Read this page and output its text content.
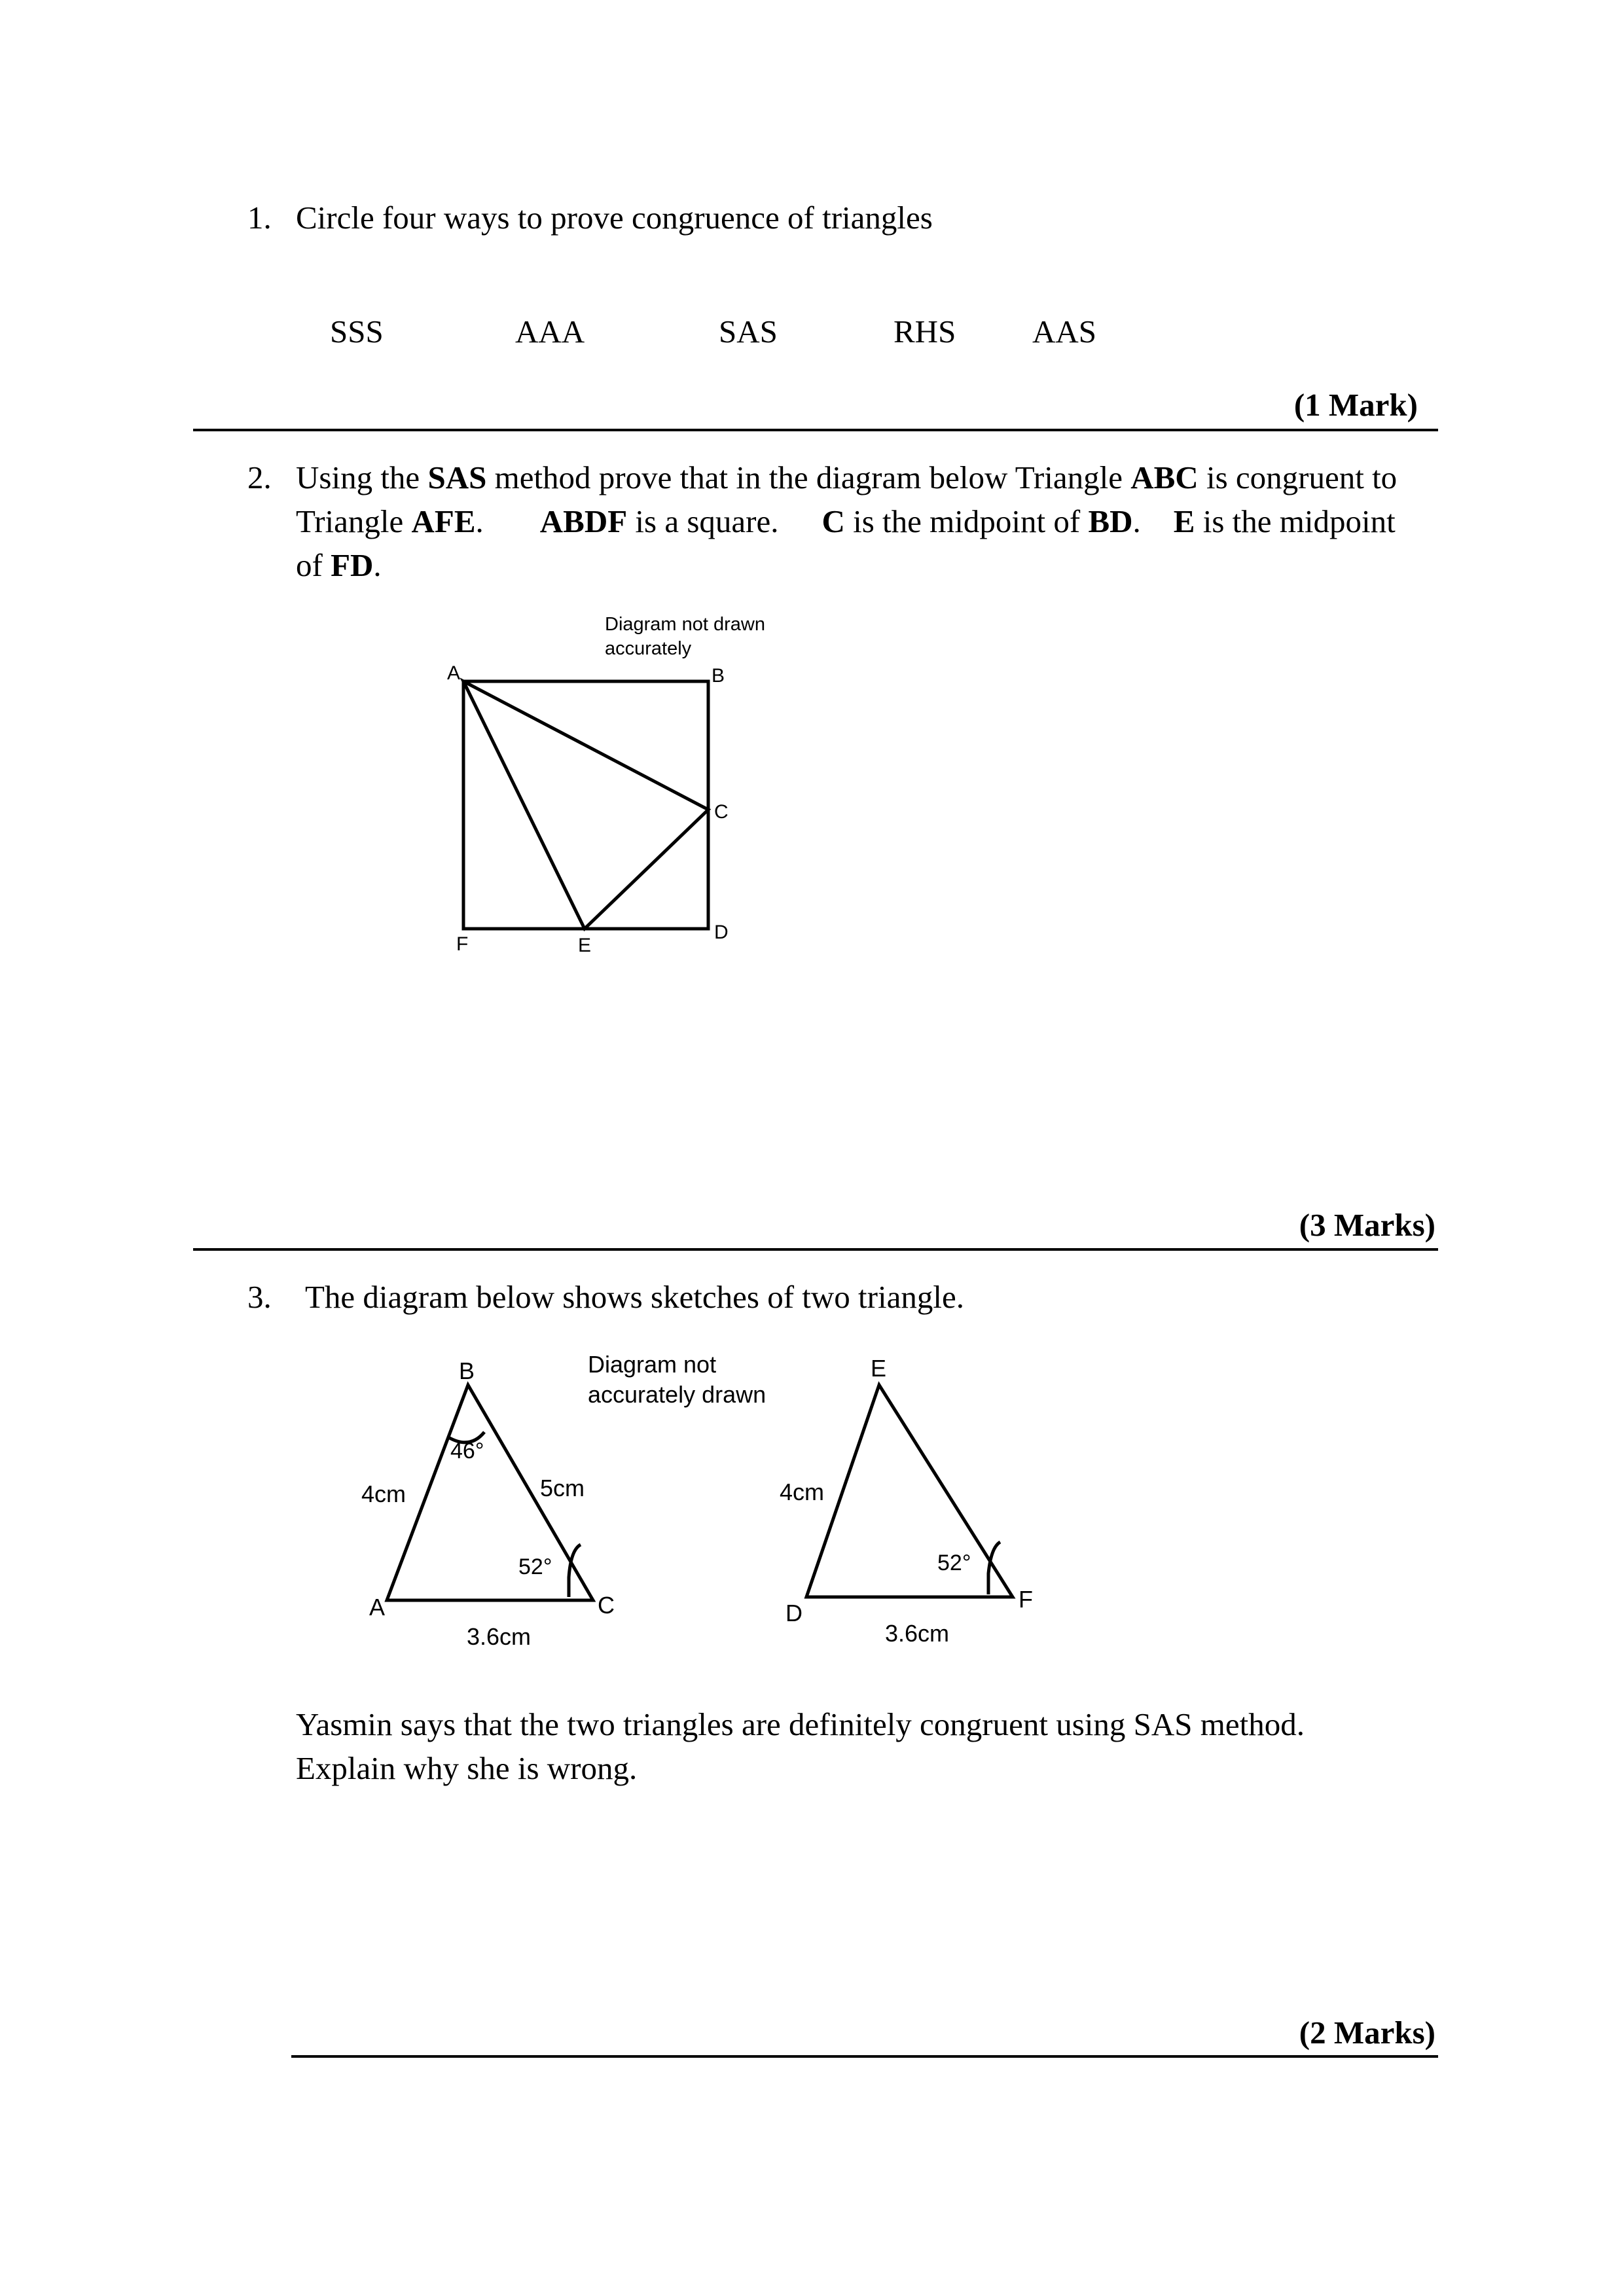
1. Circle four ways to prove congruence of triangles
SSS	AAA	SAS	RHS AAS
(1 Mark)
2. Using the SAS method prove that in the diagram below Triangle ABC is congruent to
Triangle AFE. ABDF is a square. C is the midpoint of BD. E is the midpoint
of FD.
Diagram not drawn
accurately
A	B
C
D
F	E
(3 Marks)
3. The diagram below shows sketches of two triangle.
Diagram not
accurately drawn
B
A	C
46°
52°
4cm	5cm
3.6cm
E
D
F
52°
4cm
3.6cm
Yasmin says that the two triangles are definitely congruent using SAS method.
Explain why she is wrong.
(2 Marks)
